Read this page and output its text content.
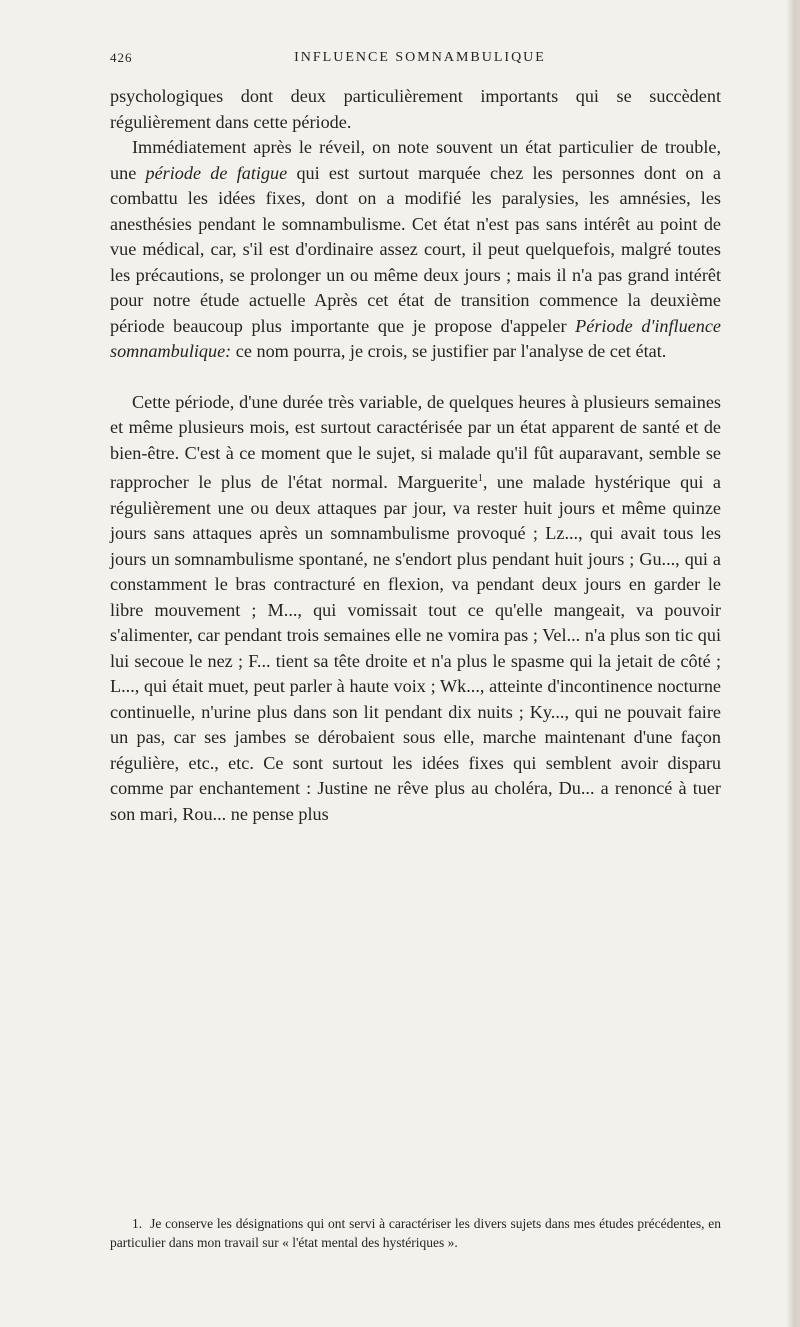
426	INFLUENCE SOMNAMBULIQUE

psychologiques dont deux particulièrement importants qui se succèdent régulièrement dans cette période.

Immédiatement après le réveil, on note souvent un état particulier de trouble, une période de fatigue qui est surtout marquée chez les personnes dont on a combattu les idées fixes, dont on a modifié les paralysies, les amnésies, les anesthésies pendant le somnambulisme. Cet état n'est pas sans intérêt au point de vue médical, car, s'il est d'ordinaire assez court, il peut quelquefois, malgré toutes les précautions, se prolonger un ou même deux jours ; mais il n'a pas grand intérêt pour notre étude actuelle Après cet état de transition commence la deuxième période beaucoup plus importante que je propose d'appeler Période d'influence somnambulique: ce nom pourra, je crois, se justifier par l'analyse de cet état.

Cette période, d'une durée très variable, de quelques heures à plusieurs semaines et même plusieurs mois, est surtout caractérisée par un état apparent de santé et de bien-être. C'est à ce moment que le sujet, si malade qu'il fût auparavant, semble se rapprocher le plus de l'état normal. Marguerite$^1$, une malade hystérique qui a régulièrement une ou deux attaques par jour, va rester huit jours et même quinze jours sans attaques après un somnambulisme provoqué ; Lz..., qui avait tous les jours un somnambulisme spontané, ne s'endort plus pendant huit jours ; Gu..., qui a constamment le bras contracturé en flexion, va pendant deux jours en garder le libre mouvement ; M..., qui vomissait tout ce qu'elle mangeait, va pouvoir s'alimenter, car pendant trois semaines elle ne vomira pas ; Vel... n'a plus son tic qui lui secoue le nez ; F... tient sa tête droite et n'a plus le spasme qui la jetait de côté ; L..., qui était muet, peut parler à haute voix ; Wk..., atteinte d'incontinence nocturne continuelle, n'urine plus dans son lit pendant dix nuits ; Ky..., qui ne pouvait faire un pas, car ses jambes se dérobaient sous elle, marche maintenant d'une façon régulière, etc., etc. Ce sont surtout les idées fixes qui semblent avoir disparu comme par enchantement : Justine ne rêve plus au choléra, Du... a renoncé à tuer son mari, Rou... ne pense plus

1. Je conserve les désignations qui ont servi à caractériser les divers sujets dans mes études précédentes, en particulier dans mon travail sur « l'état mental des hystériques ».
